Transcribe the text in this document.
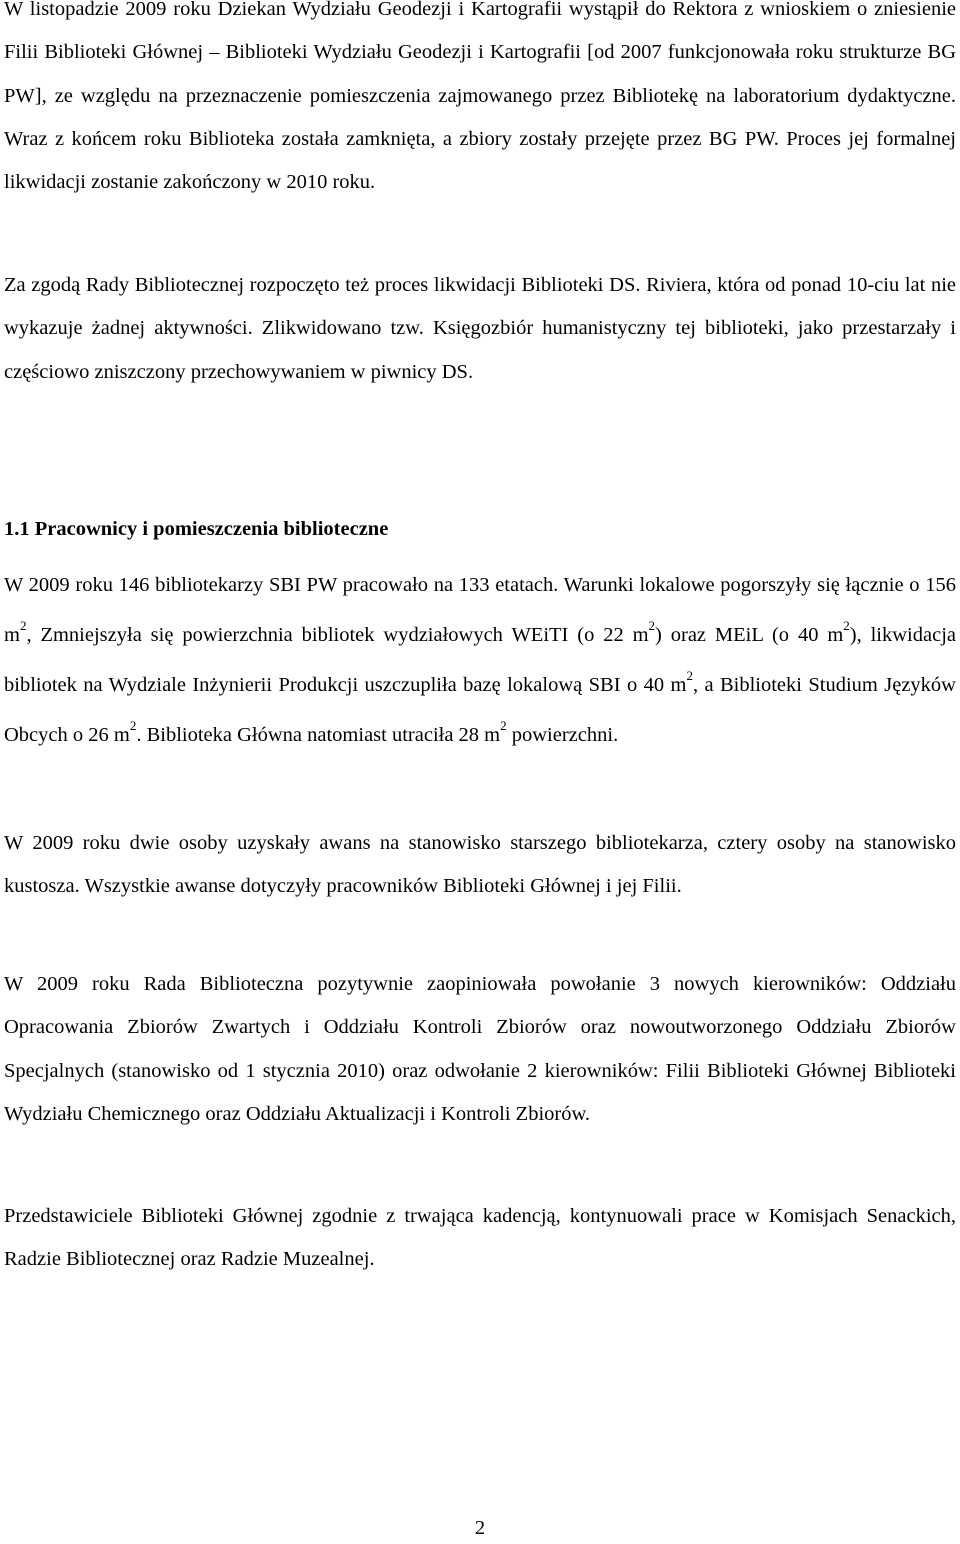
W listopadzie 2009 roku Dziekan Wydziału Geodezji i Kartografii wystąpił do Rektora z wnioskiem o zniesienie Filii Biblioteki Głównej – Biblioteki Wydziału Geodezji i Kartografii [od 2007 funkcjonowała roku strukturze BG PW], ze względu na przeznaczenie pomieszczenia zajmowanego przez Bibliotekę na laboratorium dydaktyczne. Wraz z końcem roku Biblioteka została zamknięta, a zbiory zostały przejęte przez BG PW. Proces jej formalnej likwidacji zostanie zakończony w 2010 roku.

Za zgodą Rady Bibliotecznej rozpoczęto też proces likwidacji Biblioteki DS. Riviera, która od ponad 10-ciu lat nie wykazuje żadnej aktywności. Zlikwidowano tzw. Księgozbiór humanistyczny tej biblioteki, jako przestarzały i częściowo zniszczony przechowywaniem w piwnicy DS.

1.1 Pracownicy i pomieszczenia biblioteczne

W 2009 roku 146 bibliotekarzy SBI PW pracowało na 133 etatach. Warunki lokalowe pogorszyły się łącznie o 156 $m^2$, Zmniejszyła się powierzchnia bibliotek wydziałowych WEiTI (o 22 $m^2$) oraz MEiL (o 40 $m^2$), likwidacja bibliotek na Wydziale Inżynierii Produkcji uszczupliła bazę lokalową SBI o 40 $m^2$, a Biblioteki Studium Języków Obcych o 26 $m^2$. Biblioteka Główna natomiast utraciła 28 $m^2$ powierzchni.

W 2009 roku dwie osoby uzyskały awans na stanowisko starszego bibliotekarza, cztery osoby na stanowisko kustosza. Wszystkie awanse dotyczyły pracowników Biblioteki Głównej i jej Filii.

W 2009 roku Rada Biblioteczna pozytywnie zaopiniowała powołanie 3 nowych kierowników: Oddziału Opracowania Zbiorów Zwartych i Oddziału Kontroli Zbiorów oraz nowoutworzonego Oddziału Zbiorów Specjalnych (stanowisko od 1 stycznia 2010) oraz odwołanie 2 kierowników: Filii Biblioteki Głównej Biblioteki Wydziału Chemicznego oraz Oddziału Aktualizacji i Kontroli Zbiorów.

Przedstawiciele Biblioteki Głównej zgodnie z trwająca kadencją, kontynuowali prace w Komisjach Senackich, Radzie Bibliotecznej oraz Radzie Muzealnej.

2
